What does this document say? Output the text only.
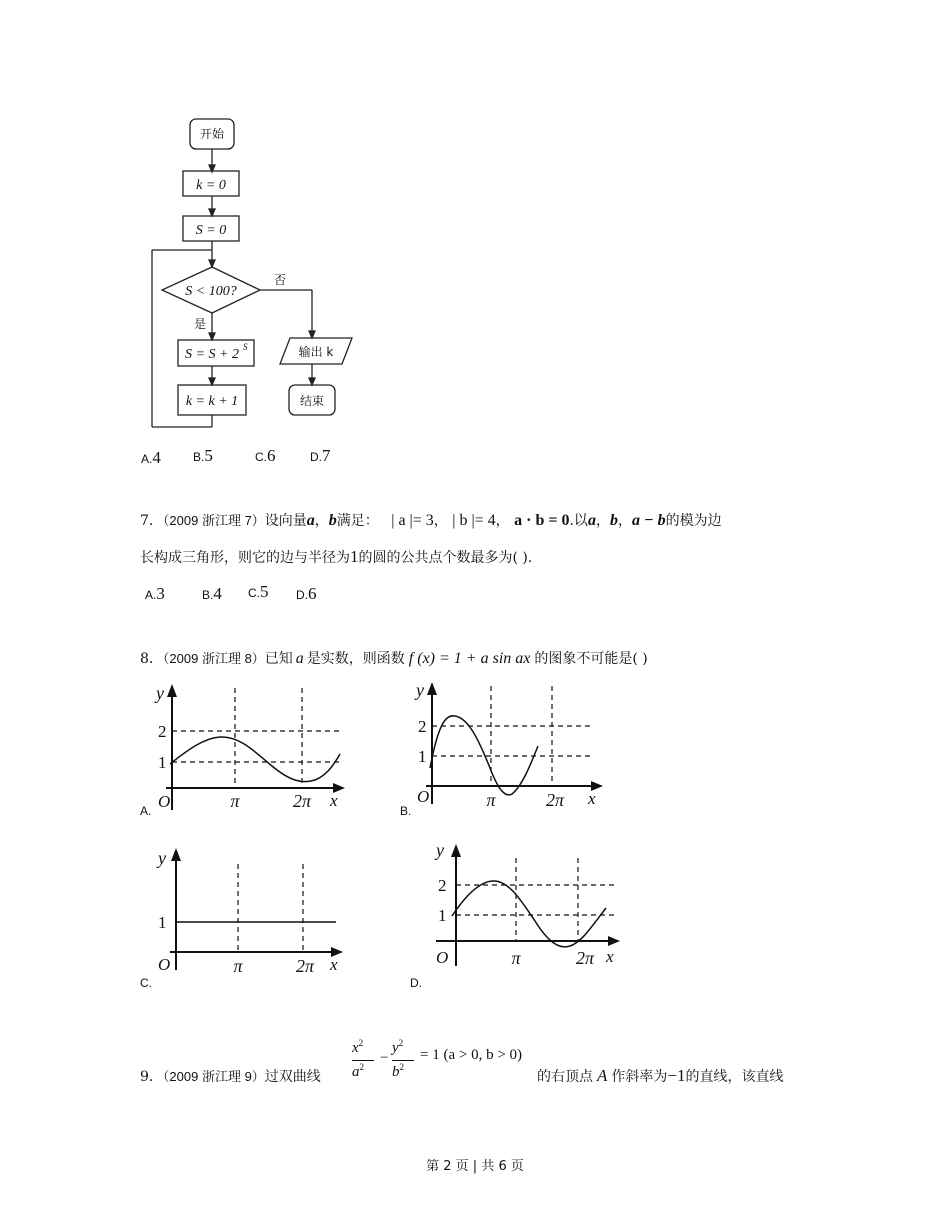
开始
k = 0
S = 0
S < 100?
否
是
S = S + 2 S
k = k + 1
输出 k
结束
A.4	B.5	C.6	D.7
7．（2009 浙江理 7）设向量a，b满足： | a |= 3， | b |= 4， a · b = 0.以a，b，a − b的模为边
长构成三角形，则它的边与半径为1的圆的公共点个数最多为( ).
A.3	B.4 C.5 D.6
8．（2009 浙江理 8）已知 a 是实数，则函数 f (x) = 1 + a sin ax 的图象不可能是( )
y
2
1
O	π	2π x
A.
y
2
1
O	π	2π x
B.
y
1
O	π	2π x
C.
y
2
1
O	π	2π x
D.
9．（2009 浙江理 9）过双曲线
$x^2$
$a^2$
−
$y^2$
$b^2$
= 1 (a > 0, b > 0)
的右顶点 A 作斜率为−1的直线，该直线
第 2 页 | 共 6 页
